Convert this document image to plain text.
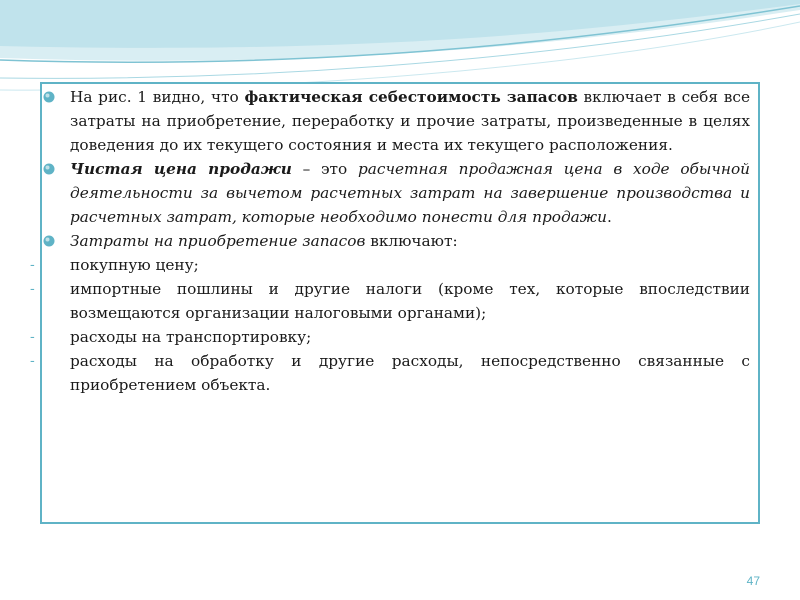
На рис. 1 видно, что фактическая себестоимость запасов включает в себя все затраты на приобретение, переработку и прочие затраты, произведенные в целях доведения до их текущего состояния и места их текущего расположения.

Чистая цена продажи – это расчетная продажная цена в ходе обычной деятельности за вычетом расчетных затрат на завершение производства и расчетных затрат, которые необходимо понести для продажи.

Затраты на приобретение запасов включают:

- покупную цену;

- импортные пошлины и другие налоги (кроме тех, которые впоследствии возмещаются организации налоговыми органами);

- расходы на транспортировку;

- расходы на обработку и другие расходы, непосредственно связанные с приобретением объекта.

47
